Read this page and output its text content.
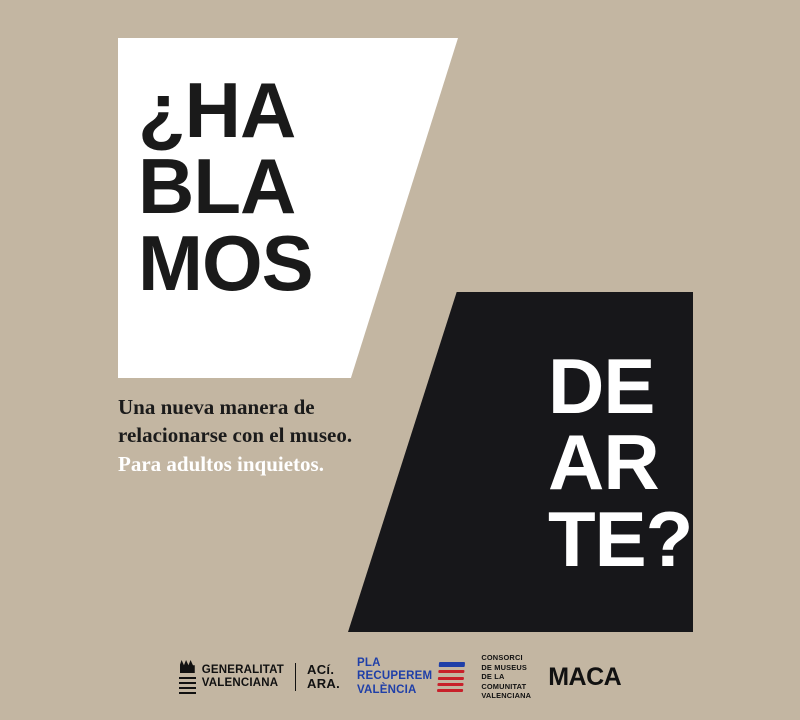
¿HA
BLA
MOS
DE
AR
TE?
Una nueva manera de
relacionarse con el museo.
Para adultos inquietos.
GENERALITAT
VALENCIANA
ACí.
ARA.
PLA
RECUPEREM
VALÈNCIA
CONSORCI
DE MUSEUS
DE LA
COMUNITAT
VALENCIANA
MACA
